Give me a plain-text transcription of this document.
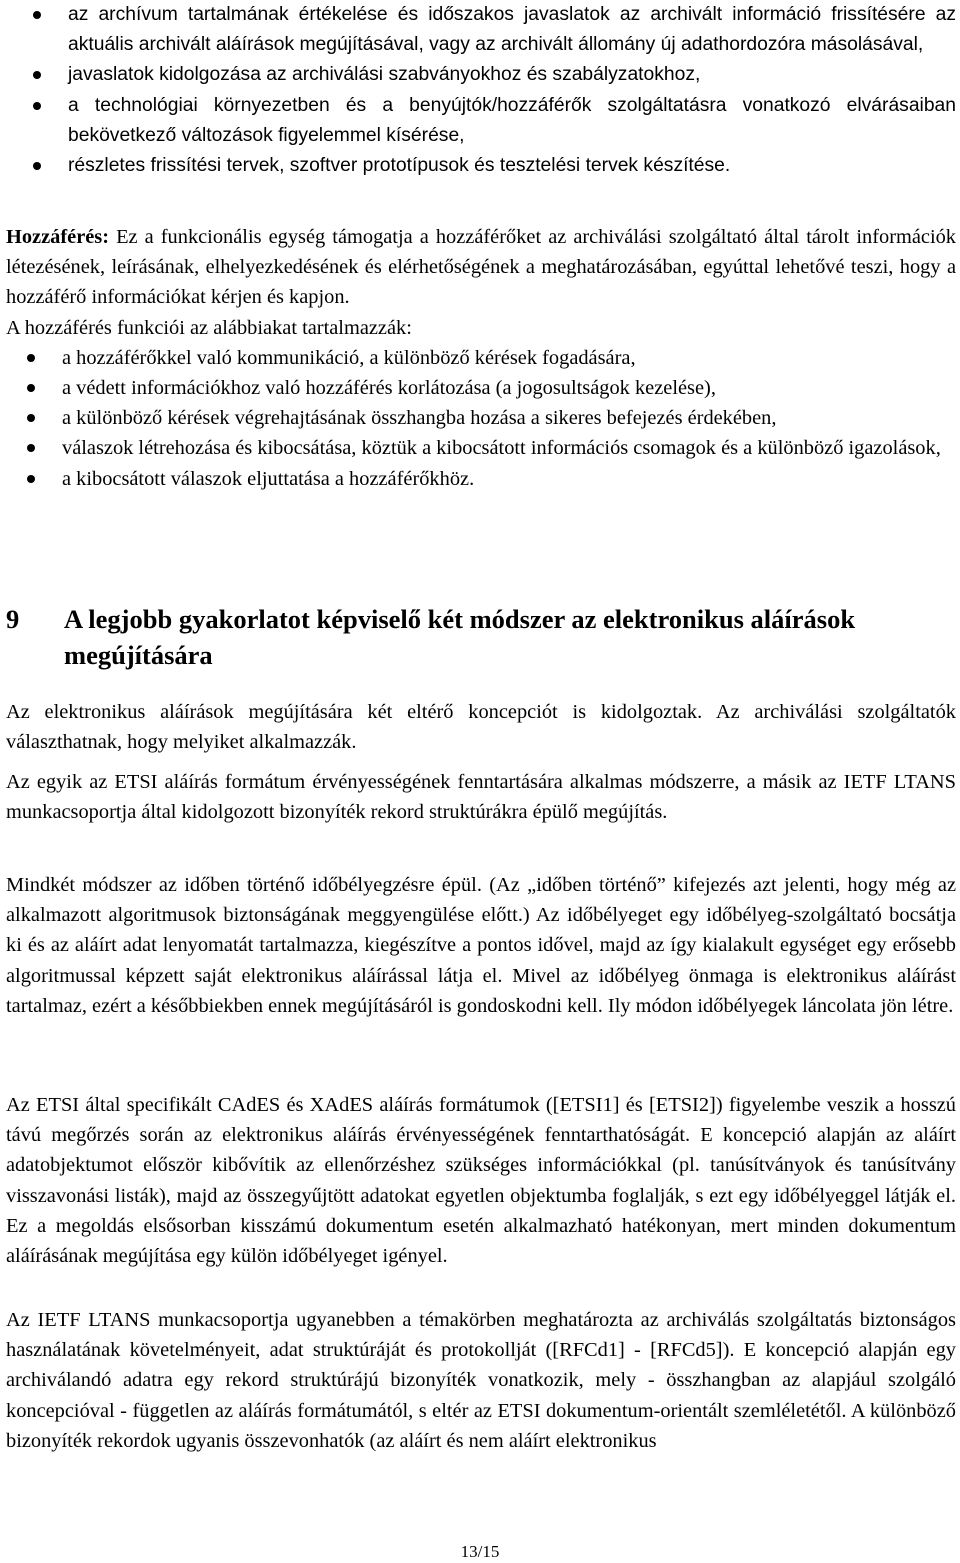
az archívum tartalmának értékelése és időszakos javaslatok az archivált információ frissítésére az aktuális archivált aláírások megújításával, vagy az archivált állomány új adathordozóra másolásával,
javaslatok kidolgozása az archiválási szabványokhoz és szabályzatokhoz,
a technológiai környezetben és a benyújtók/hozzáférők szolgáltatásra vonatkozó elvárásaiban bekövetkező változások figyelemmel kísérése,
részletes frissítési tervek, szoftver prototípusok és tesztelési tervek készítése.

Hozzáférés: Ez a funkcionális egység támogatja a hozzáférőket az archiválási szolgáltató által tárolt információk létezésének, leírásának, elhelyezkedésének és elérhetőségének a meghatározásában, egyúttal lehetővé teszi, hogy a hozzáférő információkat kérjen és kapjon.

A hozzáférés funkciói az alábbiakat tartalmazzák:

a hozzáférőkkel való kommunikáció, a különböző kérések fogadására,
a védett információkhoz való hozzáférés korlátozása (a jogosultságok kezelése),
a különböző kérések végrehajtásának összhangba hozása a sikeres befejezés érdekében,
válaszok létrehozása és kibocsátása, köztük a kibocsátott információs csomagok és a különböző igazolások,
a kibocsátott válaszok eljuttatása a hozzáférőkhöz.
9	A legjobb gyakorlatot képviselő két módszer az elektronikus aláírások megújítására

Az elektronikus aláírások megújítására két eltérő koncepciót is kidolgoztak. Az archiválási szolgáltatók választhatnak, hogy melyiket alkalmazzák.

Az egyik az ETSI aláírás formátum érvényességének fenntartására alkalmas módszerre, a másik az IETF LTANS munkacsoportja által kidolgozott bizonyíték rekord struktúrákra épülő megújítás.

Mindkét módszer az időben történő időbélyegzésre épül. (Az „időben történő” kifejezés azt jelenti, hogy még az alkalmazott algoritmusok biztonságának meggyengülése előtt.) Az időbélyeget egy időbélyeg-szolgáltató bocsátja ki és az aláírt adat lenyomatát tartalmazza, kiegészítve a pontos idővel, majd az így kialakult egységet egy erősebb algoritmussal képzett saját elektronikus aláírással látja el. Mivel az időbélyeg önmaga is elektronikus aláírást tartalmaz, ezért a későbbiekben ennek megújításáról is gondoskodni kell. Ily módon időbélyegek láncolata jön létre.

Az ETSI által specifikált CAdES és XAdES aláírás formátumok ([ETSI1] és [ETSI2]) figyelembe veszik a hosszú távú megőrzés során az elektronikus aláírás érvényességének fenntarthatóságát. E koncepció alapján az aláírt adatobjektumot először kibővítik az ellenőrzéshez szükséges információkkal (pl. tanúsítványok és tanúsítvány visszavonási listák), majd az összegyűjtött adatokat egyetlen objektumba foglalják, s ezt egy időbélyeggel látják el. Ez a megoldás elsősorban kisszámú dokumentum esetén alkalmazható hatékonyan, mert minden dokumentum aláírásának megújítása egy külön időbélyeget igényel.

Az IETF LTANS munkacsoportja ugyanebben a témakörben meghatározta az archiválás szolgáltatás biztonságos használatának követelményeit, adat struktúráját és protokollját ([RFCd1] - [RFCd5]). E koncepció alapján egy archiválandó adatra egy rekord struktúrájú bizonyíték vonatkozik, mely - összhangban az alapjául szolgáló koncepcióval - független az aláírás formátumától, s eltér az ETSI dokumentum-orientált szemléletétől. A különböző bizonyíték rekordok ugyanis összevonhatók (az aláírt és nem aláírt elektronikus

13/15
